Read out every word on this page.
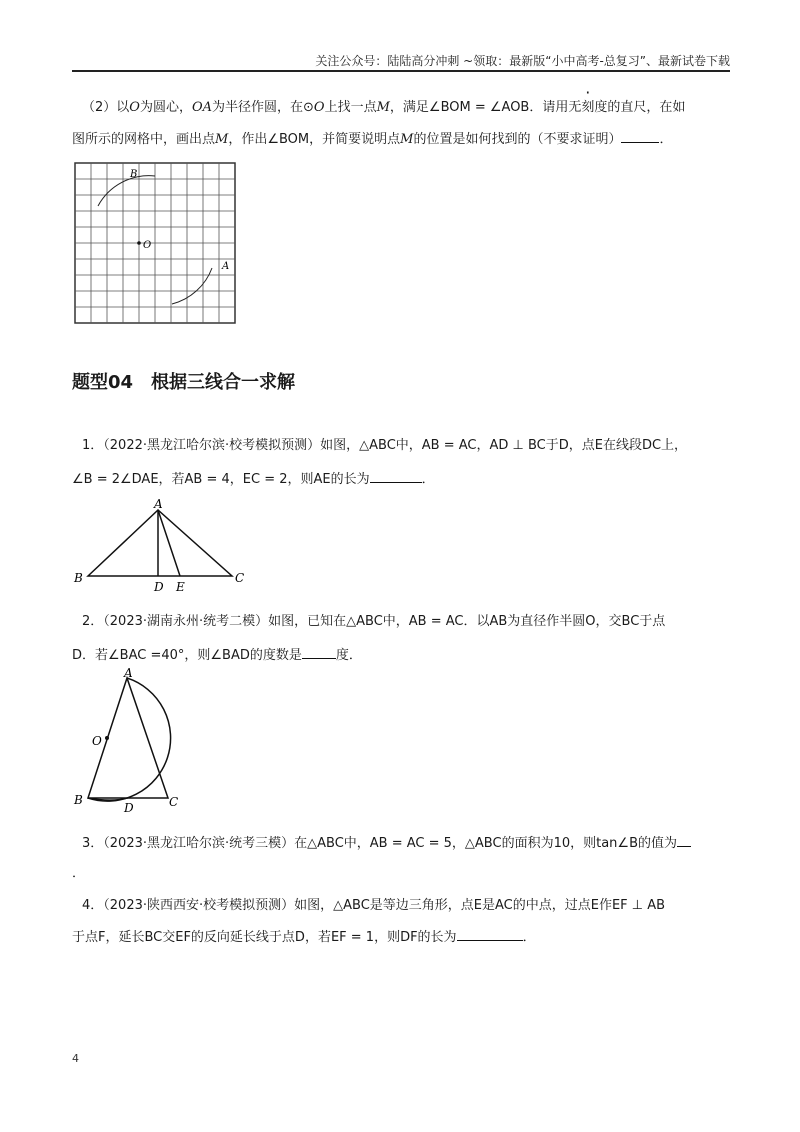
关注公众号：陆陆高分冲刺 ~领取：最新版“小中高考-总复习”、最新试卷下载
（2）以O为圆心，OA为半径作圆，在⊙O上找一点M，满足∠BOM = ∠AOB．请用无刻度的直尺，在如
图所示的网格中，画出点M，作出∠BOM，并简要说明点M的位置是如何找到的（不要求证明）	．
B
O
A
题型04　根据三线合一求解
1．（2022·黑龙江哈尔滨·校考模拟预测）如图，△ABC中，AB = AC，AD ⊥ BC于D，点E在线段DC上，
∠B = 2∠DAE，若AB = 4，EC = 2，则AE的长为	．
A
B	C
D E
2．（2023·湖南永州·统考二模）如图，已知在△ABC中，AB = AC．以AB为直径作半圆O，交BC于点
D．若∠BAC =40°，则∠BAD的度数是	度．
A
O
B
D	C
3．（2023·黑龙江哈尔滨·统考三模）在△ABC中，AB = AC = 5，△ABC的面积为10，则tan∠B的值为
．
4．（2023·陕西西安·校考模拟预测）如图，△ABC是等边三角形，点E是AC的中点，过点E作EF ⊥ AB
于点F，延长BC交EF的反向延长线于点D，若EF = 1，则DF的长为	．
4
